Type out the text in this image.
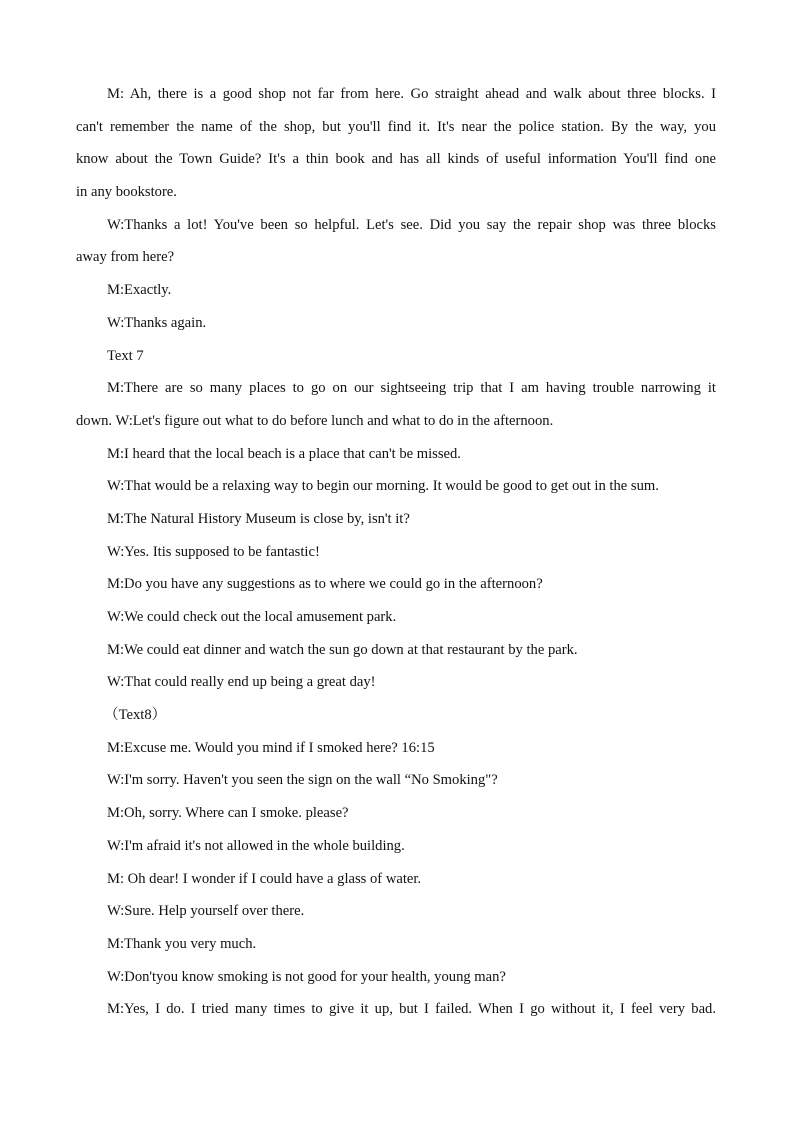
M: Ah, there is a good shop not far from here. Go straight ahead and walk about three blocks. I
can't remember the name of the shop, but you'll find it. It's near the police station. By the way, you
know about the Town Guide? It's a thin book and has all kinds of useful information You'll find one
in any bookstore.
W:Thanks a lot! You've been so helpful. Let's see. Did you say the repair shop was three blocks
away from here?
M:Exactly.
W:Thanks again.
Text 7
M:There are so many places to go on our sightseeing trip that I am having trouble narrowing it
down. W:Let's figure out what to do before lunch and what to do in the afternoon.
M:I heard that the local beach is a place that can't be missed.
W:That would be a relaxing way to begin our morning. It would be good to get out in the sum.
M:The Natural History Museum is close by, isn't it?
W:Yes. Itis supposed to be fantastic!
M:Do you have any suggestions as to where we could go in the afternoon?
W:We could check out the local amusement park.
M:We could eat dinner and watch the sun go down at that restaurant by the park.
W:That could really end up being a great day!
（Text8）
M:Excuse me. Would you mind if I smoked here? 16:15
W:I'm sorry. Haven't you seen the sign on the wall “No Smoking"?
M:Oh, sorry. Where can I smoke. please?
W:I'm afraid it's not allowed in the whole building.
M: Oh dear! I wonder if I could have a glass of water.
W:Sure. Help yourself over there.
M:Thank you very much.
W:Don'tyou know smoking is not good for your health, young man?
M:Yes, I do. I tried many times to give it up, but I failed. When I go without it, I feel very bad.
